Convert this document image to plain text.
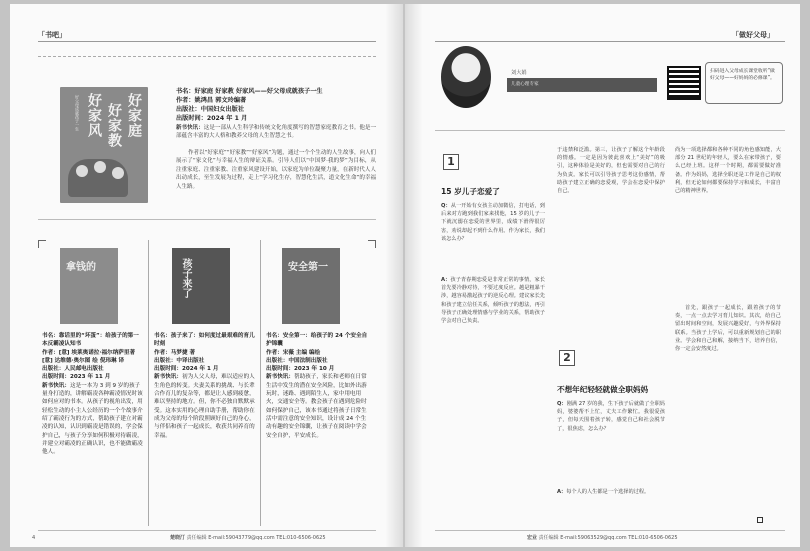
「书吧」
好父母成就孩子一生 好家风 好家教 好家庭
书名：好家庭 好家教 好家风——好父母成就孩子一生
作者：姚鸿昌 郭文玲编著
出版社：中国妇女出版社
出版时间：2024 年 1 月
新书快讯：这是一部从人生科学和传统文化角度撰写的智慧家庭教育之书。他是一部蕴含丰富的大人格和教养父母的人生智慧之书。
作者以“好家庭”“好家教”“好家风”为题，通过一个个生动的人生故事，向人们展示了“家文化”与幸福人生的辩证关系。引导人们以“中国梦·我的梦”为目标，从注重家庭、注重家教、注重家风建设开始，以家庭为单位凝聚力量，在新时代人人出动成长，至生发展为过程，走上“学习化生存，智慧化生活，道文化生命”的幸福人生路。
拿钱的	孩子来了	安全第一
书名：靠话里的“坏蛋”：给孩子的第一本反霸凌认知书
作者：[意] 埃莱奥诺拉·福尔纳萨里著 [意] 达维德·奥尔图 绘 倪玮琳 译
出版社：人民邮电出版社
出版时间：2023 年 11 月
新书快讯：这是一本为 3 到 9 岁的孩子量身打造的，讲解霸凌各种霸凌情况时该如何应对的书本。从孩子的视角出发，用轻松生动的小主人公经历的一个个故事介绍了霸凌行为的方式，帮助孩子建立对霸凌的认知，认识到霸凌是错误的，学会保护自己，与孩子分享如何积极对待霸凌，并建立对霸凌的正确认识，也不能做霸凌他人。
书名：孩子来了：如何度过最艰难的育儿时刻
作者：马梦捷 著
出版社：中译出版社
出版时间：2024 年 1 月
新书快讯：初为人父人母，难以适应的人生角色的转变。夫妻关系的挑战、与长辈合作育儿的复杂等，都是让人感到疲惫，难以坚持的地方。但，你不必独自默默承受。这本实用的心理自助手册，帮助你在成为父母的每个阶段照顾好自己的身心，与伴侣和孩子一起成长，收获共同养育的幸福。
书名：安全第一：给孩子的 24 个安全自护锦囊
作者：宋薇 主编 编绘
出版社：中国法制出版社
出版时间：2023 年 10 月
新书快讯：帮助孩子，家长和老师在日常生活中发生的潜在安全风险，比如外出游玩时，迷路、遇到陌生人，家中用电用火，交通安全等。教会孩子在遇到危险时如何保护自己，该本书通过将孩子日常生活中需注意的安全知识，设计成 24 个生动有趣的安全锦囊，让孩子在阅读中学会安全自护，平安成长。
4	楚晓汀 责任编辑 E-mail:59043779@qq.com TEL:010-6506-0625
「做好父母」
刘大娟
儿童心理专家
扫码进入父母成长课堂收听“做好父母——好妈妈的必修课”。
1
15 岁儿子恋爱了
Q：从一开始有女孩主动加微信，打电话，到后来对方跑到我们家来找他，15 岁的儿子一下就沉溺在恋爱的世界里，成绩下滑得很厉害，劝说却起不到什么作用。作为家长，我们该怎么办？
A：孩子青春期恋爱是非常正常的事情，家长首先要冷静对待，不要过度反应。越是粗暴干涉，越容易激起孩子的逆反心理。建议家长先和孩子建立信任关系，倾听孩子的想法，再引导孩子正确处理情感与学业的关系，帮助孩子学会对自己负责。
于违禁和泛滥。第三，让孩子了解这个年龄段的情感。一定是因为彼此喜欢上“美好”的吸引，这种体验是美好的，但也需要对自己的行为负责。家长可以引导孩子思考这份感情，帮助孩子建立正确的恋爱观，学会在恋爱中保护自己。
2
不想年纪轻轻就做全职妈妈
Q：刚满 27 岁的我，生下孩子后就做了全职妈妈，婆婆帮不上忙，丈夫工作繁忙。我很爱孩子，但每天围着孩子转，感觉自己和社会脱节了，很焦虑，怎么办？
A：每个人的人生都是一个选择的过程。
尚为一项选择都和各种不同的角色感知能，大部分 21 世纪的年轻人，要么在家带孩子，要么已经上班。这样一个时期，都需要做好准备。作为妈妈，选择全职还是工作是自己的权利，但无论如何都要保持学习和成长，丰富自己的精神世界。
首先，跟孩子一起成长，跟着孩子的节奏，一点一点去学习育儿知识。其次，给自己留出时间和空间，发展兴趣爱好，与外界保持联系。当孩子上学后，可以重新规划自己的职业。学会和自己和解，接纳当下，培养自信，你一定会安然度过。
宏业 责任编辑 E-mail:59063529@qq.com TEL:010-6506-0625
